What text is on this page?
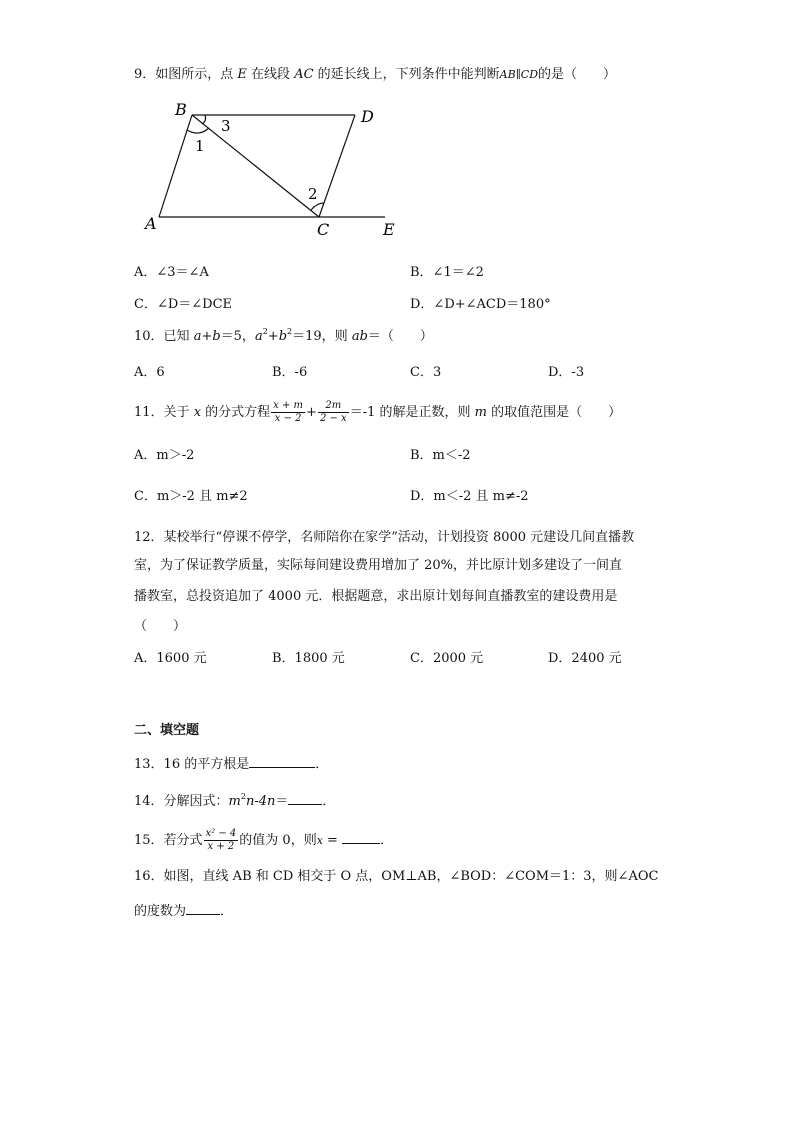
9．如图所示，点 E 在线段 AC 的延长线上，下列条件中能判断AB∥CD的是（　　）
B	D
A	C	E
1
3
2
A．∠3＝∠A	B．∠1＝∠2
C．∠D＝∠DCE	D．∠D+∠ACD＝180°
10．已知 a+b＝5，$a^2+b^2=19$，则 ab＝（　　）
A．6	B．-6	C．3	D．-3
11．关于 x 的分式方程 $\frac{x + m}{x - 2} + \frac{2m}{2 - x} =-1$ 的解是正数，则 m 的取值范围是（　　）
A．m＞-2	B．m＜-2
C．m＞-2 且 m≠2	D．m＜-2 且 m≠-2
12．某校举行“停课不停学，名师陪你在家学”活动，计划投资 8000 元建设几间直播教
室，为了保证教学质量，实际每间建设费用增加了 20%，并比原计划多建设了一间直
播教室，总投资追加了 4000 元．根据题意，求出原计划每间直播教室的建设费用是
（　　）
A．1600 元	B．1800 元	C．2000 元	D．2400 元
二、填空题
13．16 的平方根是	．
14．分解因式：$m^2n-4n=$	．
15．若分式 $\frac{\text{x² − 4}}{x + 2}$ 的值为 0，则x =	．
16．如图，直线 AB 和 CD 相交于 O 点，OM⊥AB，∠BOD：∠COM＝1：3，则∠AOC
的度数为	．
